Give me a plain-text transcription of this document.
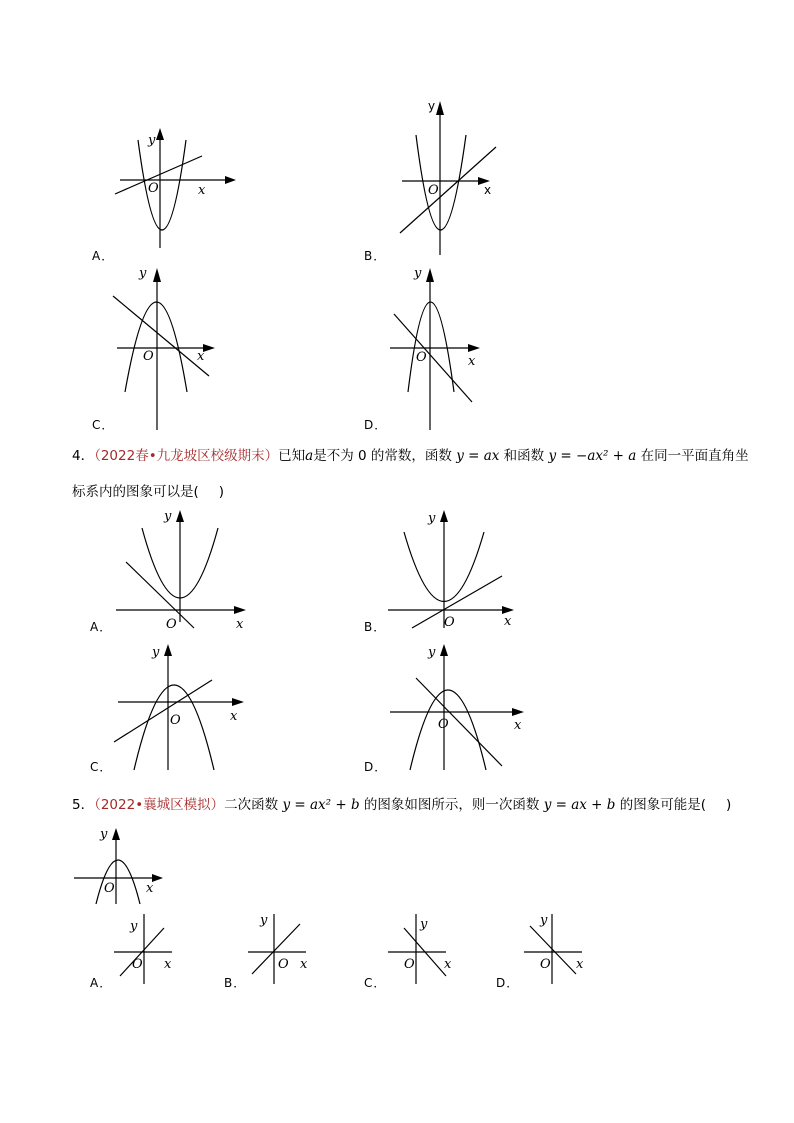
y
O	x
A．
y
O	x
B．
y
O	x
C．
y
O	x
D．
4．（2022春•九龙坡区校级期末）已知a是不为 0 的常数，函数 y = ax 和函数 y = −ax² + a 在同一平面直角坐
标系内的图象可以是( )
y
O	x
A．
y
O	x
B．
y
O	x
C．
y
O	x
D．
5．（2022•襄城区模拟）二次函数 y = ax² + b 的图象如图所示，则一次函数 y = ax + b 的图象可能是( )
y
O x
y
O x
A．
y
O x
B．
y
O x
C．
y
O x
D．
